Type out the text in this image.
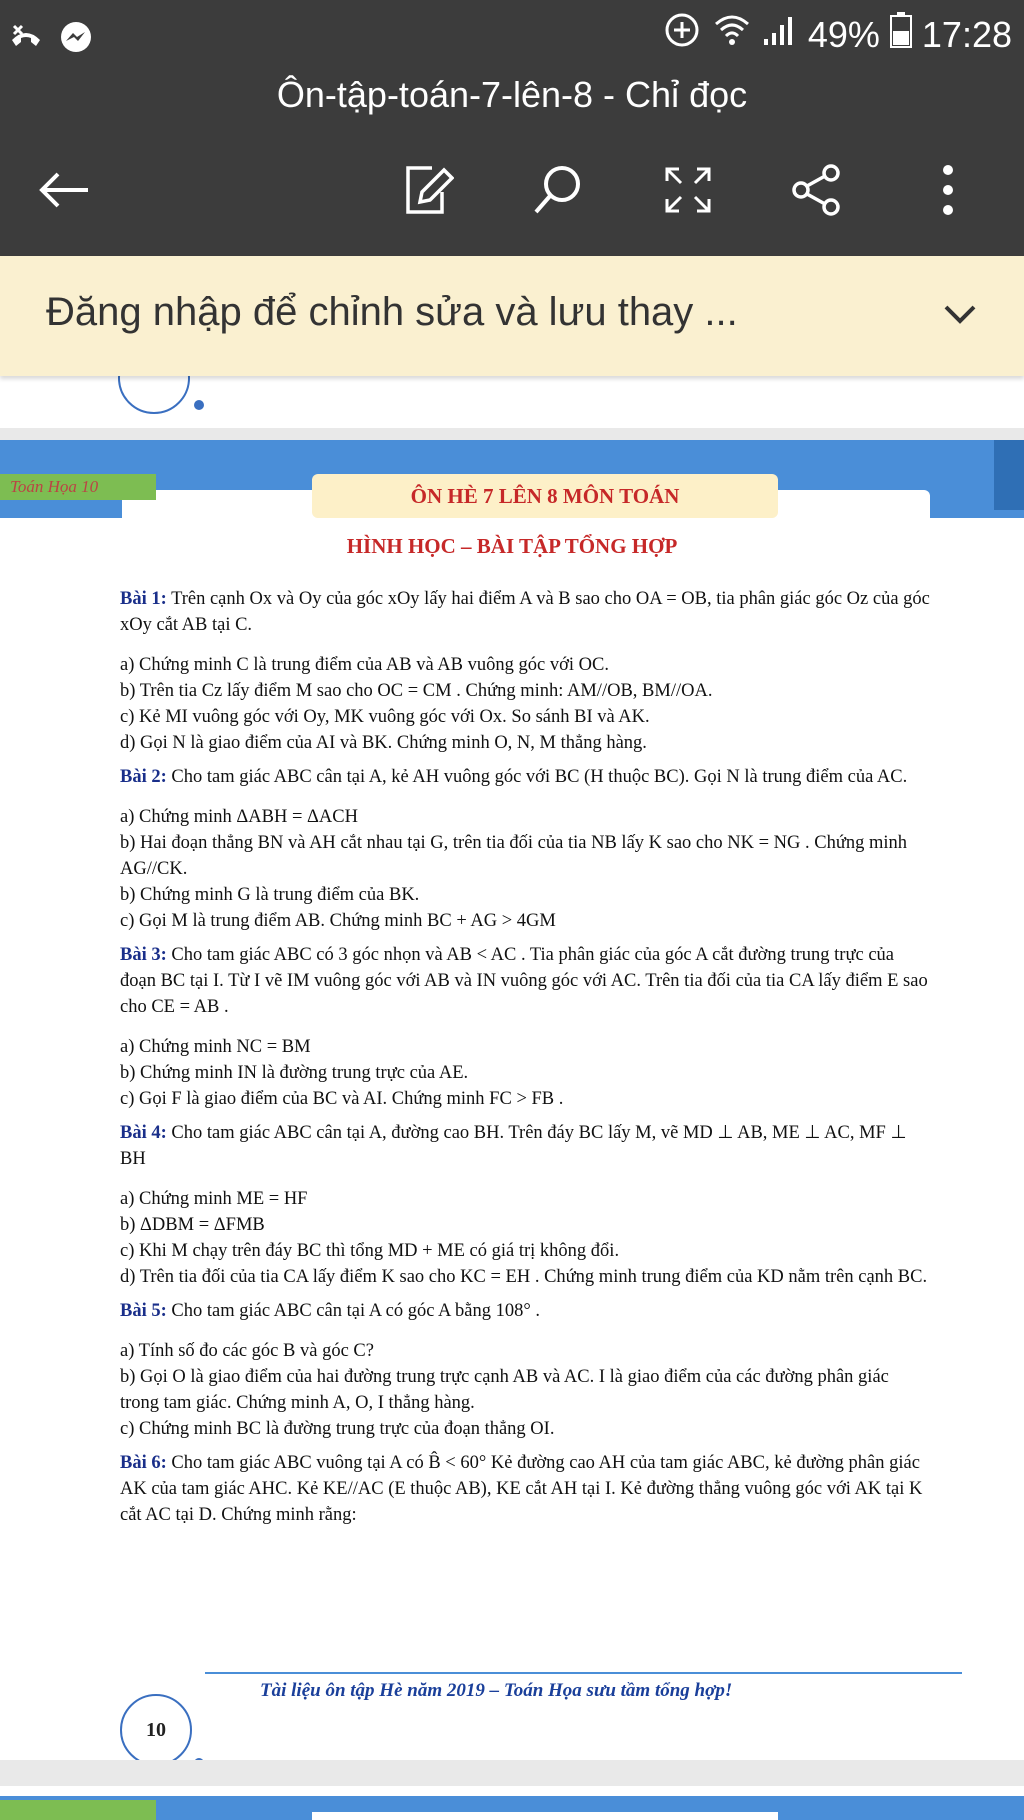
49% 17:28
Ôn-tập-toán-7-lên-8 - Chỉ đọc
Đăng nhập để chỉnh sửa và lưu thay ...
Toán Họa 10	ÔN HÈ 7 LÊN 8 MÔN TOÁN
HÌNH HỌC – BÀI TẬP TỔNG HỢP

Bài 1: Trên cạnh Ox và Oy của góc xOy lấy hai điểm A và B sao cho OA = OB, tia phân giác góc Oz của góc xOy cắt AB tại C.

a) Chứng minh C là trung điểm của AB và AB vuông góc với OC.
b) Trên tia Cz lấy điểm M sao cho OC = CM . Chứng minh: AM//OB, BM//OA.
c) Kẻ MI vuông góc với Oy, MK vuông góc với Ox. So sánh BI và AK.
d) Gọi N là giao điểm của AI và BK. Chứng minh O, N, M thẳng hàng.

Bài 2: Cho tam giác ABC cân tại A, kẻ AH vuông góc với BC (H thuộc BC). Gọi N là trung điểm của AC.

a) Chứng minh ΔABH = ΔACH
b) Hai đoạn thẳng BN và AH cắt nhau tại G, trên tia đối của tia NB lấy K sao cho NK = NG . Chứng minh AG//CK.
b) Chứng minh G là trung điểm của BK.
c) Gọi M là trung điểm AB. Chứng minh BC + AG > 4GM

Bài 3: Cho tam giác ABC có 3 góc nhọn và AB < AC . Tia phân giác của góc A cắt đường trung trực của đoạn BC tại I. Từ I vẽ IM vuông góc với AB và IN vuông góc với AC. Trên tia đối của tia CA lấy điểm E sao cho CE = AB .

a) Chứng minh NC = BM
b) Chứng minh IN là đường trung trực của AE.
c) Gọi F là giao điểm của BC và AI. Chứng minh FC > FB .

Bài 4: Cho tam giác ABC cân tại A, đường cao BH. Trên đáy BC lấy M, vẽ MD ⊥ AB, ME ⊥ AC, MF ⊥ BH

a) Chứng minh ME = HF
b) ΔDBM = ΔFMB
c) Khi M chạy trên đáy BC thì tổng MD + ME có giá trị không đổi.
d) Trên tia đối của tia CA lấy điểm K sao cho KC = EH . Chứng minh trung điểm của KD nằm trên cạnh BC.

Bài 5: Cho tam giác ABC cân tại A có góc A bằng 108° .

a) Tính số đo các góc B và góc C?
b) Gọi O là giao điểm của hai đường trung trực cạnh AB và AC. I là giao điểm của các đường phân giác trong tam giác. Chứng minh A, O, I thẳng hàng.
c) Chứng minh BC là đường trung trực của đoạn thẳng OI.

Bài 6: Cho tam giác ABC vuông tại A có B̂ < 60° Kẻ đường cao AH của tam giác ABC, kẻ đường phân giác AK của tam giác AHC. Kẻ KE//AC (E thuộc AB), KE cắt AH tại I. Kẻ đường thẳng vuông góc với AK tại K cắt AC tại D. Chứng minh rằng:

Tài liệu ôn tập Hè năm 2019 – Toán Họa sưu tầm tổng hợp!
10
